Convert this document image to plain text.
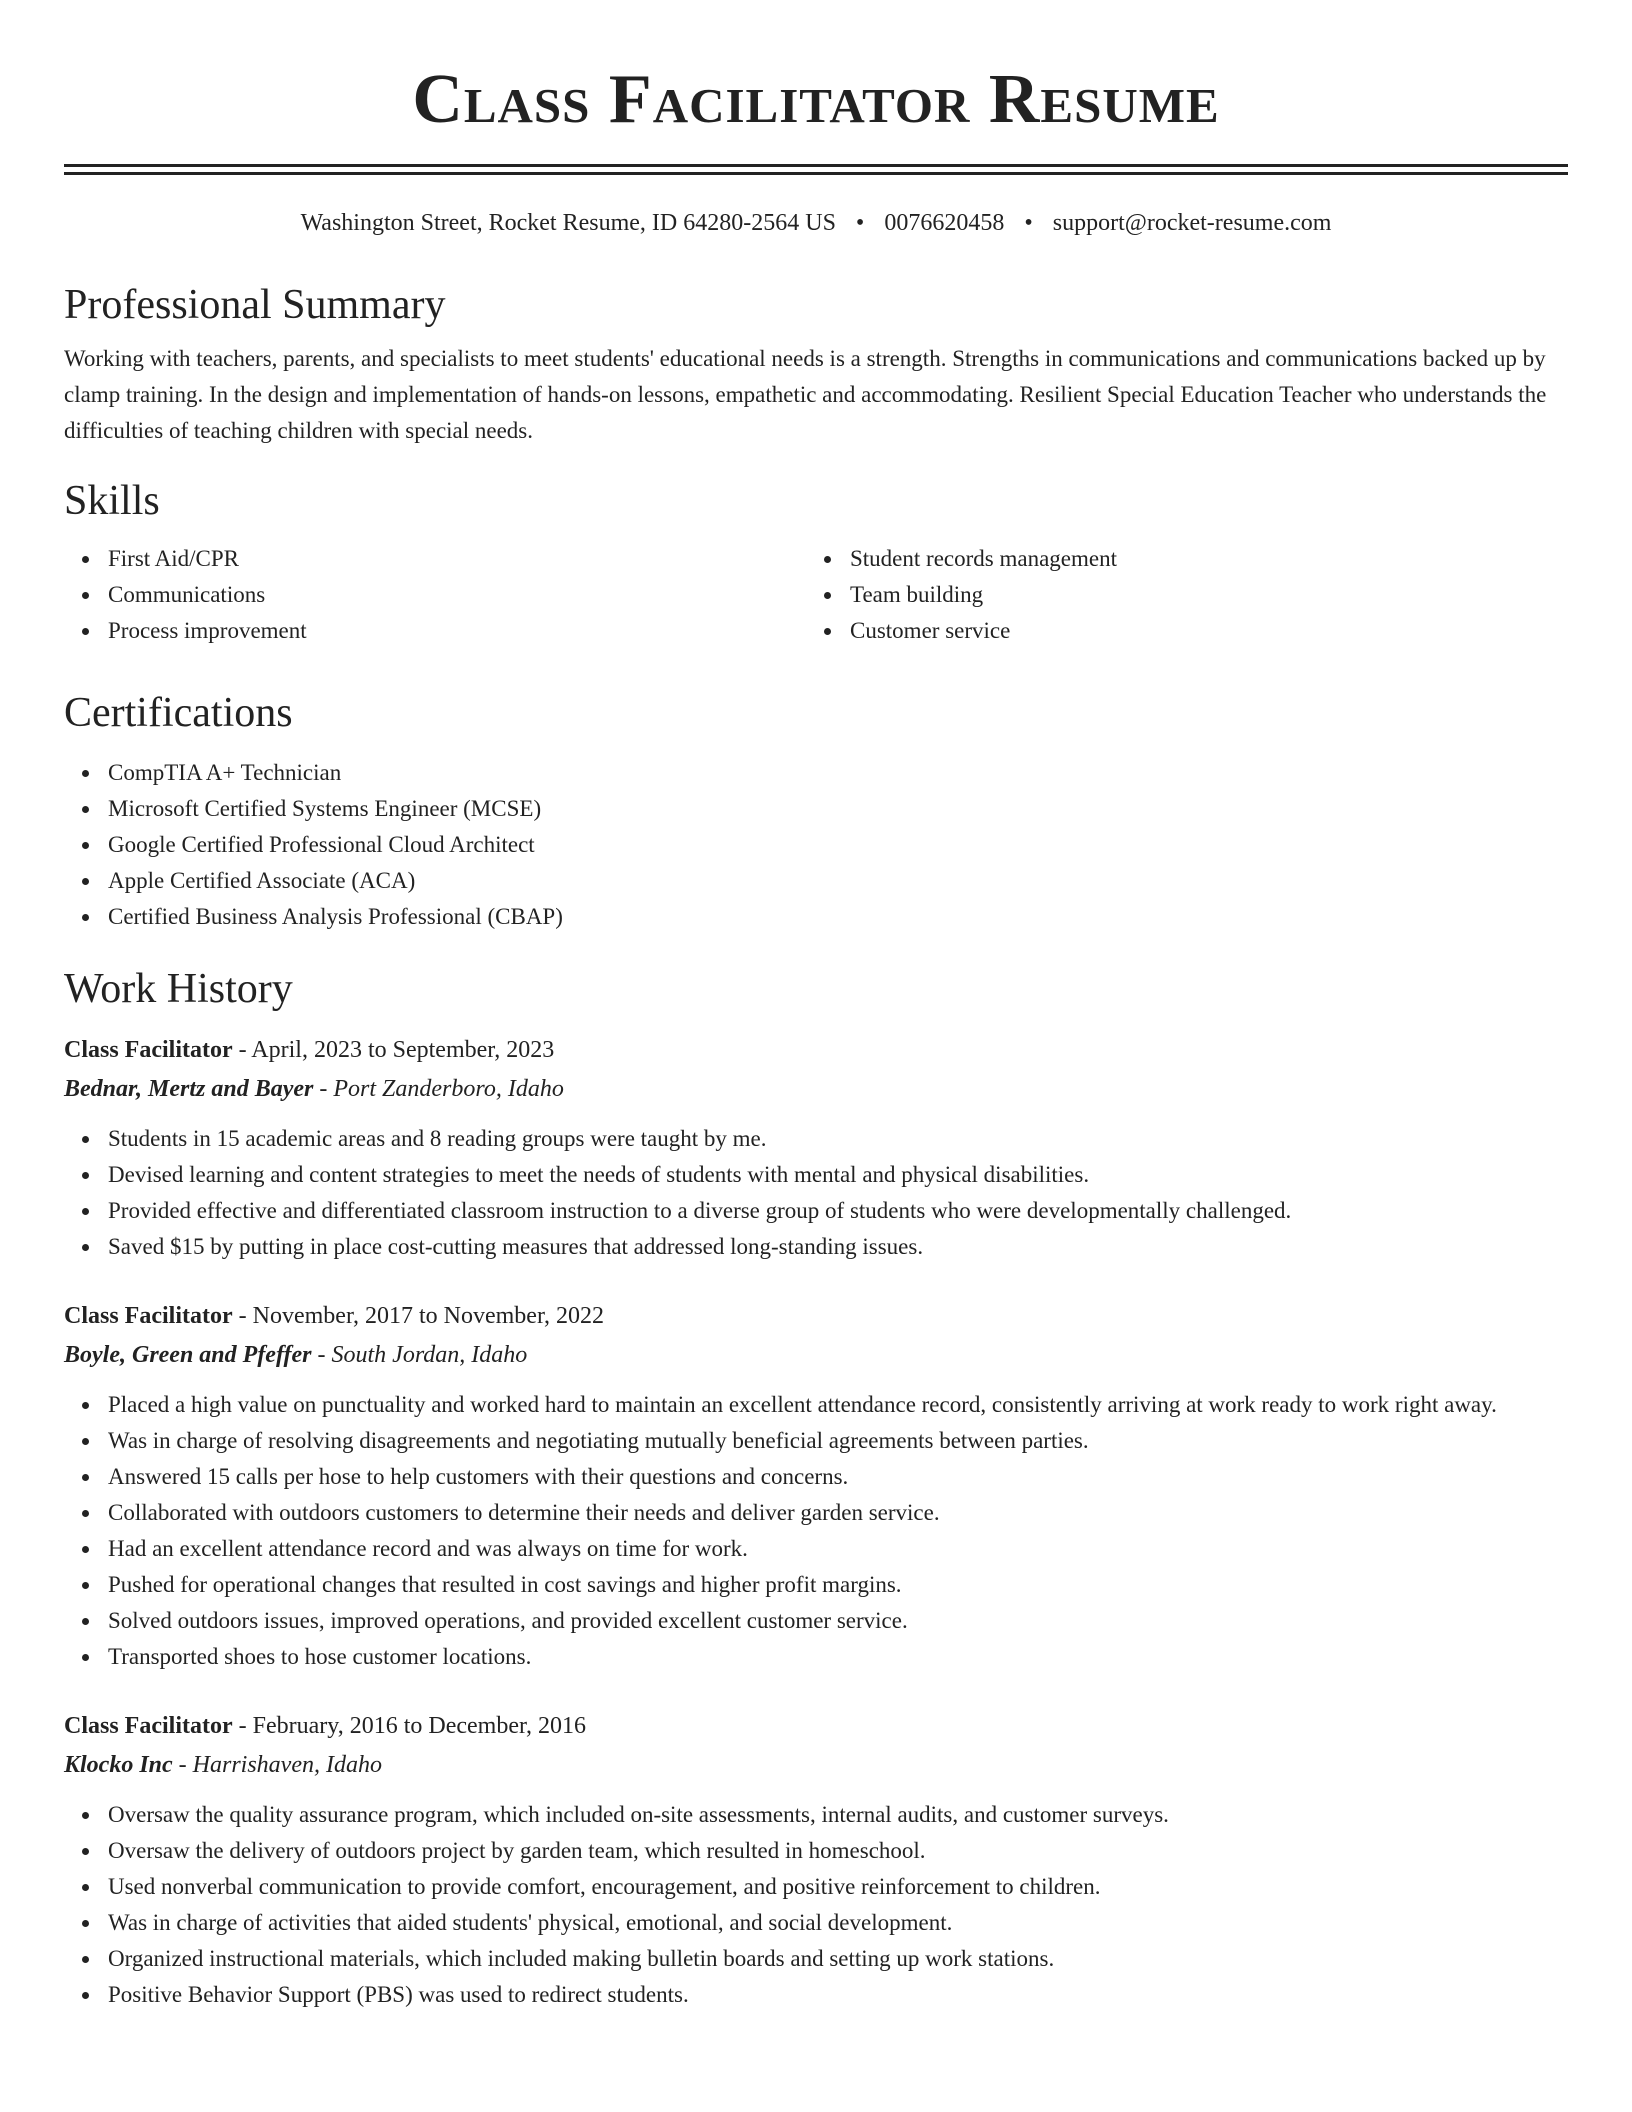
Class Facilitator Resume
Washington Street, Rocket Resume, ID 64280-2564 US • 0076620458 • support@rocket-resume.com
Professional Summary

Working with teachers, parents, and specialists to meet students' educational needs is a strength. Strengths in communications and communications backed up by clamp training. In the design and implementation of hands-on lessons, empathetic and accommodating. Resilient Special Education Teacher who understands the difficulties of teaching children with special needs.

Skills
First Aid/CPR
Communications
Process improvement
Student records management
Team building
Customer service
Certifications
CompTIA A+ Technician
Microsoft Certified Systems Engineer (MCSE)
Google Certified Professional Cloud Architect
Apple Certified Associate (ACA)
Certified Business Analysis Professional (CBAP)
Work History
Class Facilitator - April, 2023 to September, 2023
Bednar, Mertz and Bayer - Port Zanderboro, Idaho
Students in 15 academic areas and 8 reading groups were taught by me.
Devised learning and content strategies to meet the needs of students with mental and physical disabilities.
Provided effective and differentiated classroom instruction to a diverse group of students who were developmentally challenged.
Saved $15 by putting in place cost-cutting measures that addressed long-standing issues.
Class Facilitator - November, 2017 to November, 2022
Boyle, Green and Pfeffer - South Jordan, Idaho
Placed a high value on punctuality and worked hard to maintain an excellent attendance record, consistently arriving at work ready to work right away.
Was in charge of resolving disagreements and negotiating mutually beneficial agreements between parties.
Answered 15 calls per hose to help customers with their questions and concerns.
Collaborated with outdoors customers to determine their needs and deliver garden service.
Had an excellent attendance record and was always on time for work.
Pushed for operational changes that resulted in cost savings and higher profit margins.
Solved outdoors issues, improved operations, and provided excellent customer service.
Transported shoes to hose customer locations.
Class Facilitator - February, 2016 to December, 2016
Klocko Inc - Harrishaven, Idaho
Oversaw the quality assurance program, which included on-site assessments, internal audits, and customer surveys.
Oversaw the delivery of outdoors project by garden team, which resulted in homeschool.
Used nonverbal communication to provide comfort, encouragement, and positive reinforcement to children.
Was in charge of activities that aided students' physical, emotional, and social development.
Organized instructional materials, which included making bulletin boards and setting up work stations.
Positive Behavior Support (PBS) was used to redirect students.
